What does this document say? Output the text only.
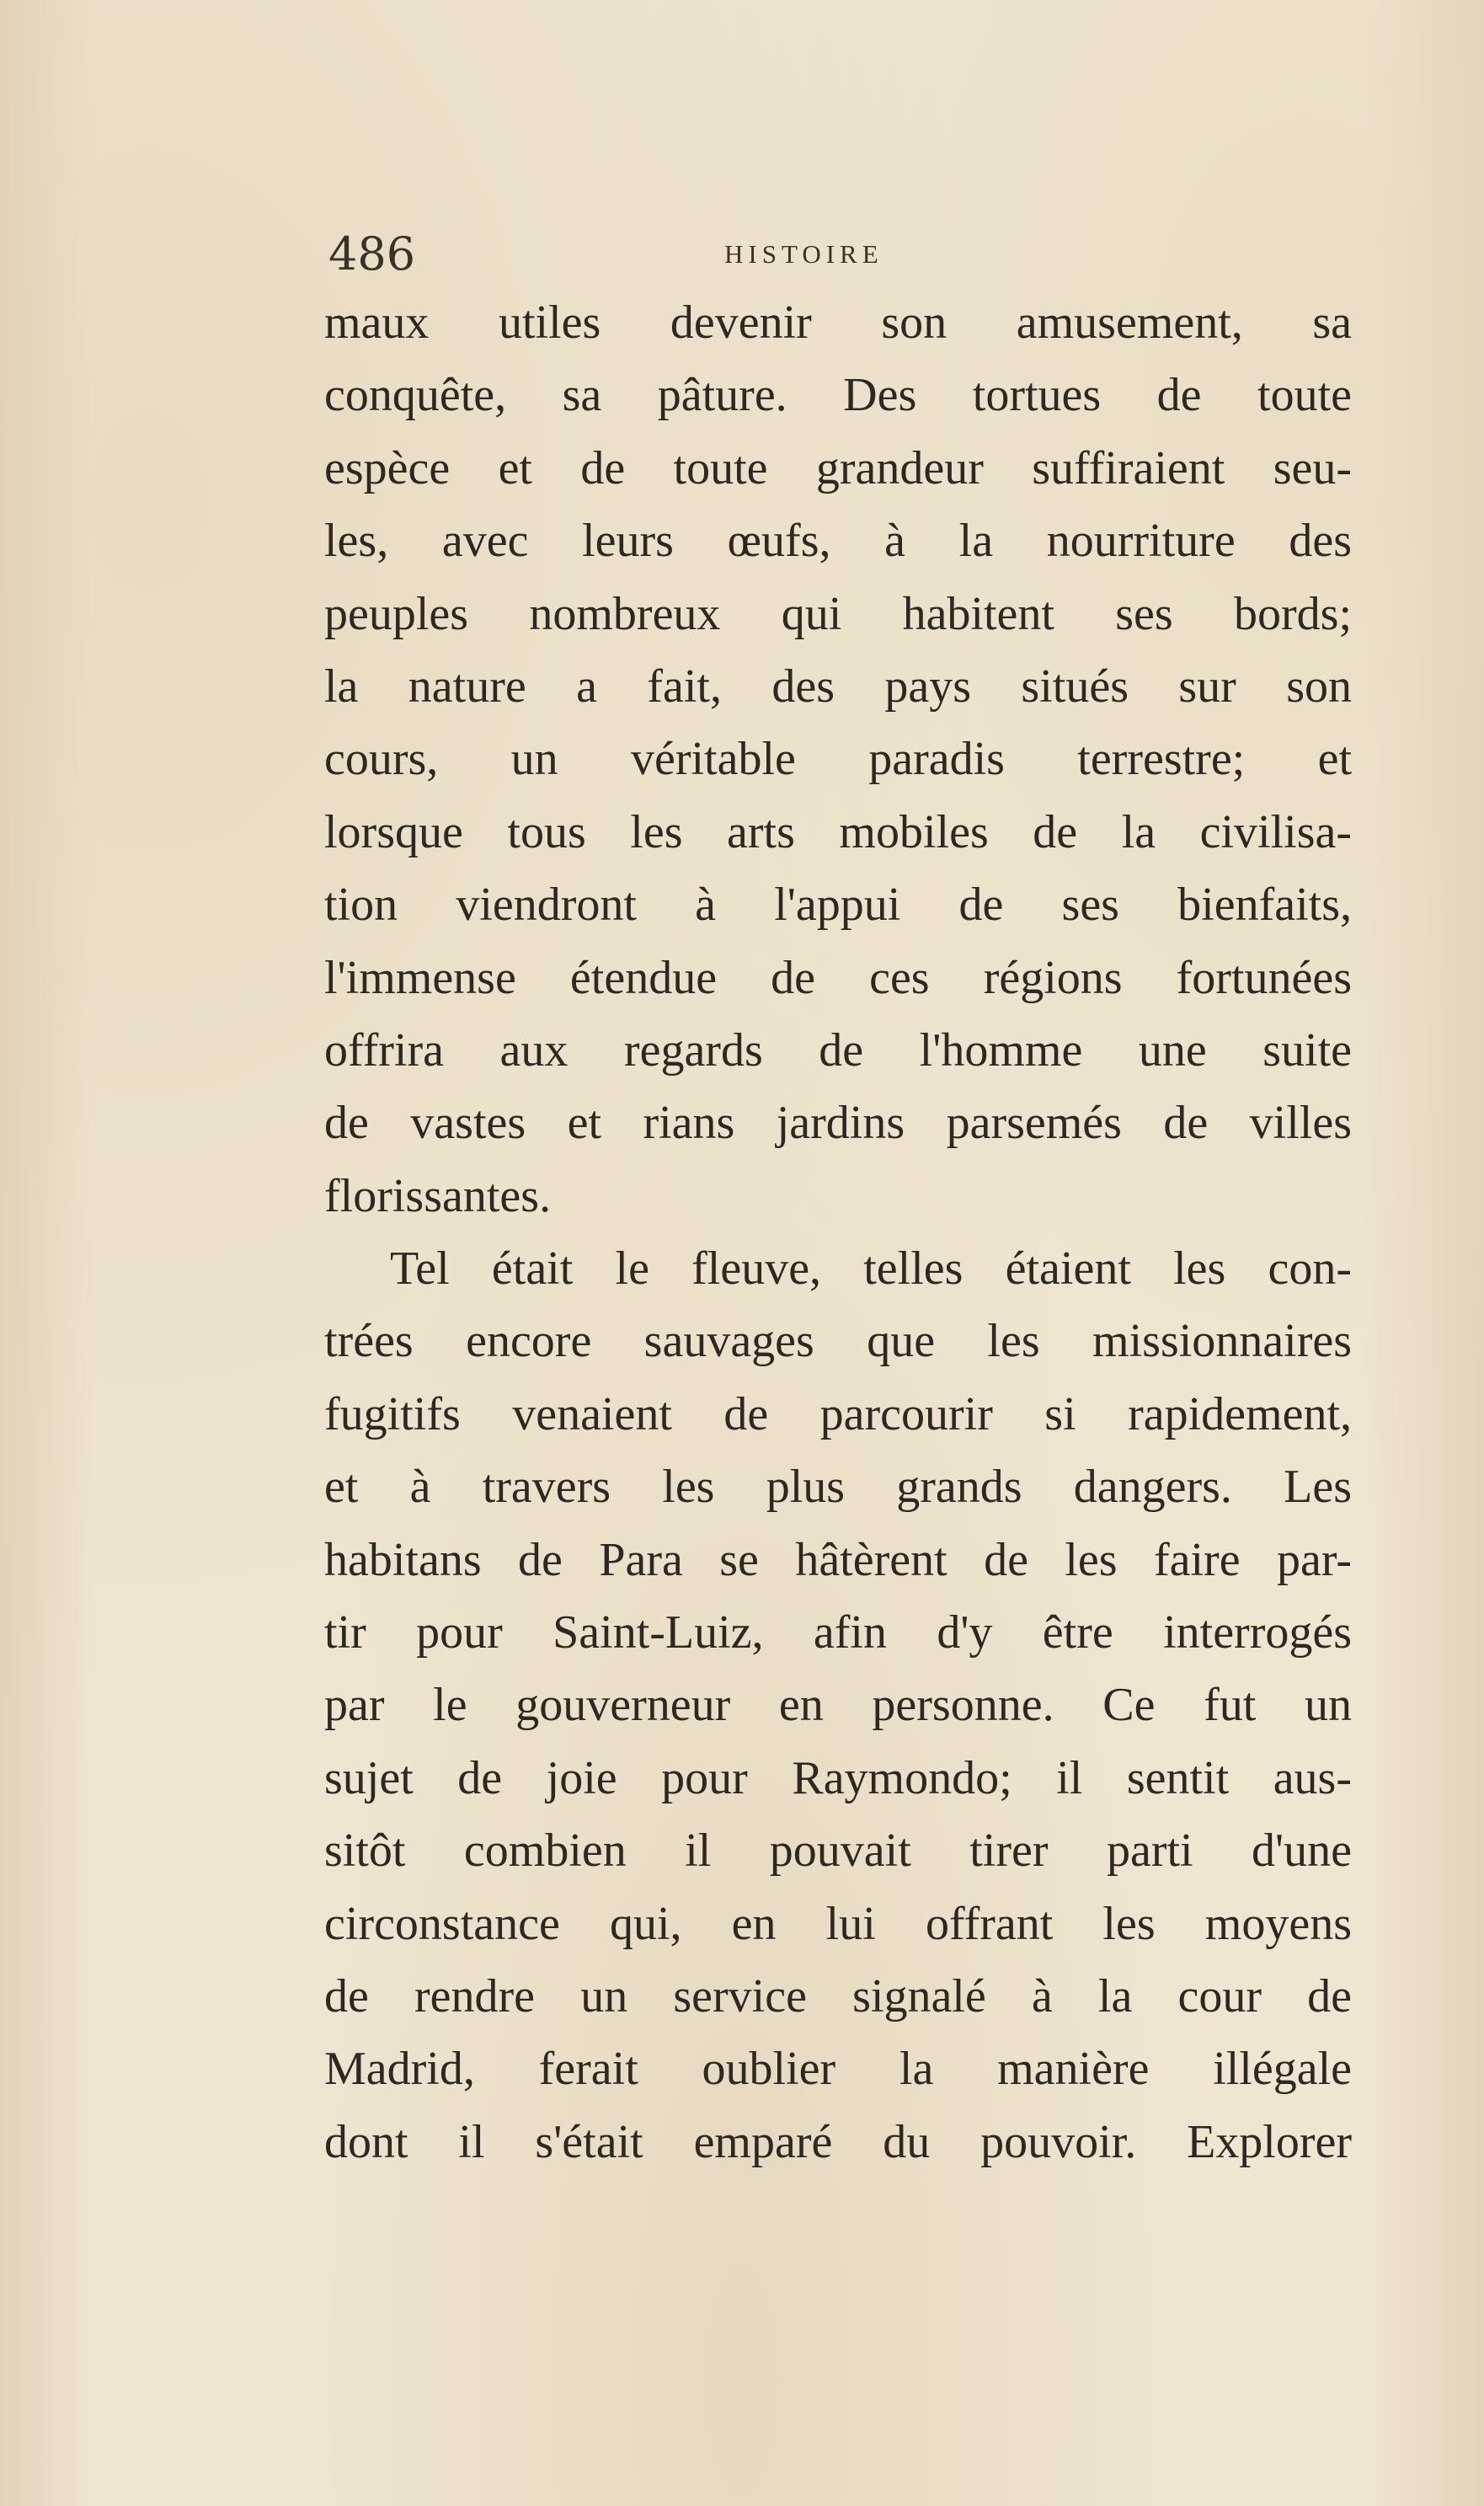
486	HISTOIRE
maux utiles devenir son amusement, sa
conquête, sa pâture. Des tortues de toute
espèce et de toute grandeur suffiraient seu-
les, avec leurs œufs, à la nourriture des
peuples nombreux qui habitent ses bords;
la nature a fait, des pays situés sur son
cours, un véritable paradis terrestre; et
lorsque tous les arts mobiles de la civilisa-
tion viendront à l'appui de ses bienfaits,
l'immense étendue de ces régions fortunées
offrira aux regards de l'homme une suite
de vastes et rians jardins parsemés de villes
florissantes.
Tel était le fleuve, telles étaient les con-
trées encore sauvages que les missionnaires
fugitifs venaient de parcourir si rapidement,
et à travers les plus grands dangers. Les
habitans de Para se hâtèrent de les faire par-
tir pour Saint-Luiz, afin d'y être interrogés
par le gouverneur en personne. Ce fut un
sujet de joie pour Raymondo; il sentit aus-
sitôt combien il pouvait tirer parti d'une
circonstance qui, en lui offrant les moyens
de rendre un service signalé à la cour de
Madrid, ferait oublier la manière illégale
dont il s'était emparé du pouvoir. Explorer
